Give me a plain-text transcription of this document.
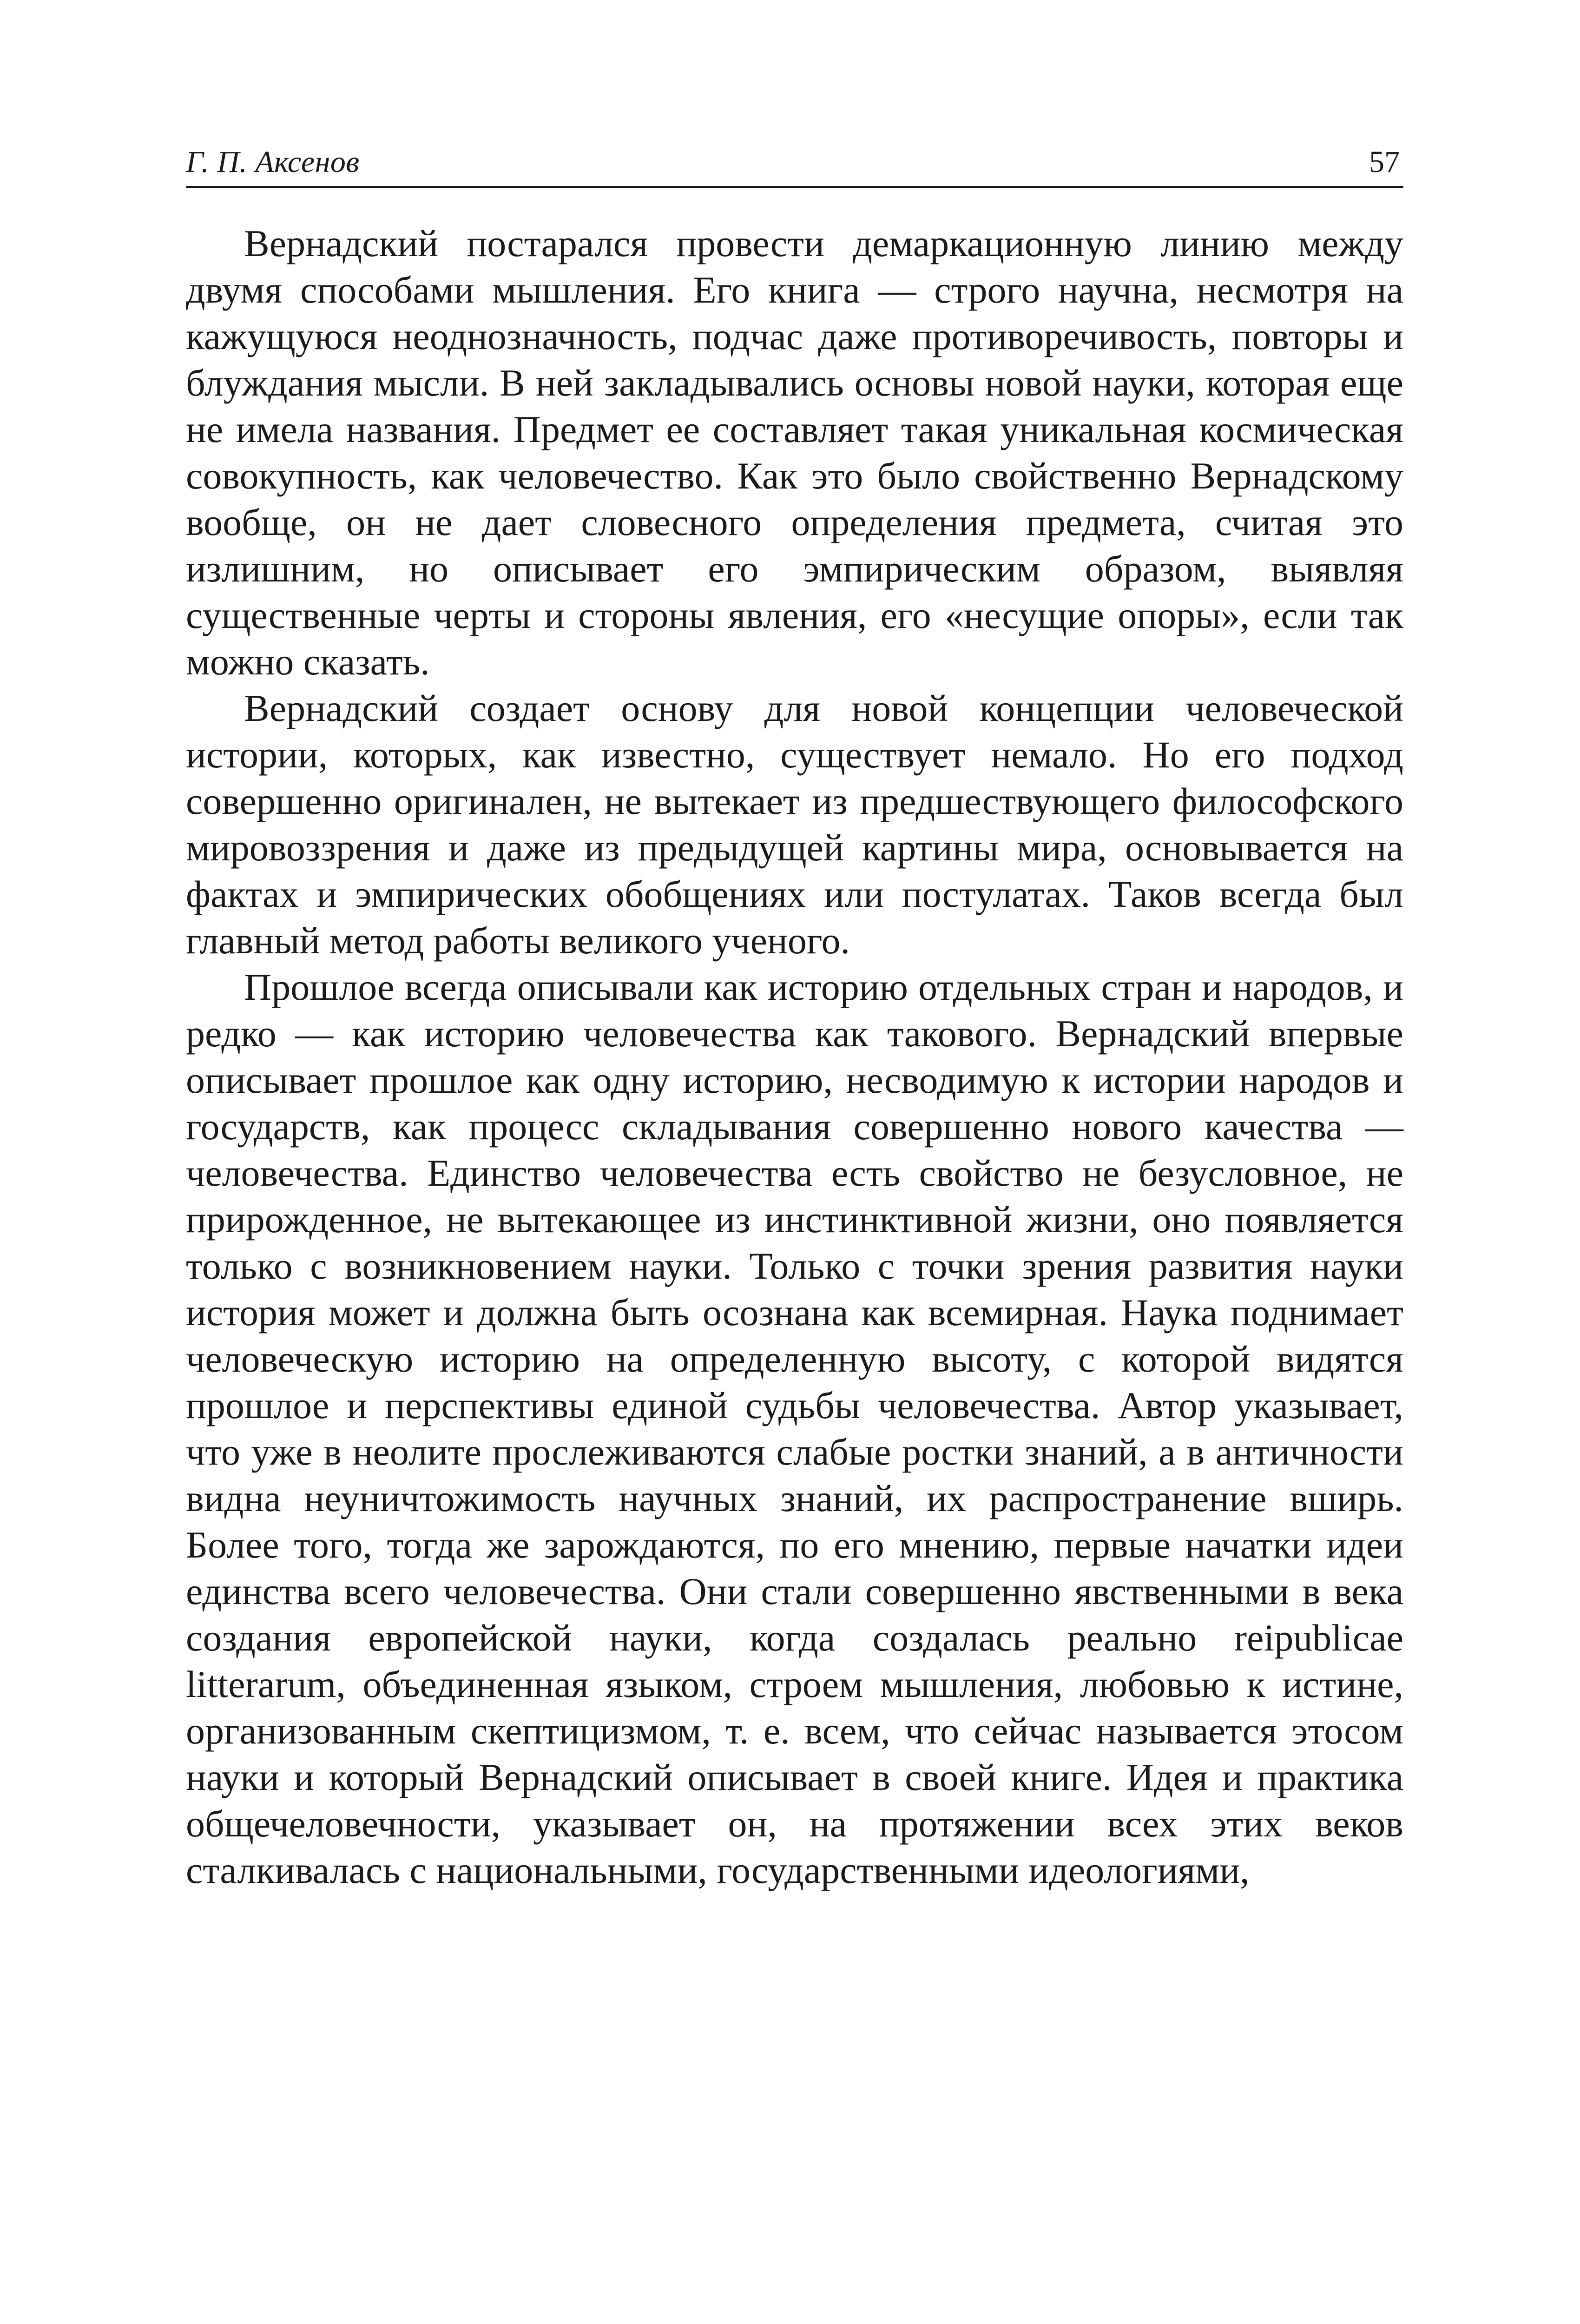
Г. П. Аксенов	57

Вернадский постарался провести демаркационную линию между двумя способами мышления. Его книга — строго научна, несмотря на кажущуюся неоднозначность, подчас даже противоречивость, повторы и блуждания мысли. В ней закладывались основы новой науки, которая еще не имела названия. Предмет ее составляет такая уникальная космическая совокупность, как человечество. Как это было свойственно Вернадскому вообще, он не дает словесного определения предмета, считая это излишним, но описывает его эмпирическим образом, выявляя существенные черты и стороны явления, его «несущие опоры», если так можно сказать.

Вернадский создает основу для новой концепции человеческой истории, которых, как известно, существует немало. Но его подход совершенно оригинален, не вытекает из предшествующего философского мировоззрения и даже из предыдущей картины мира, основывается на фактах и эмпирических обобщениях или постулатах. Таков всегда был главный метод работы великого ученого.

Прошлое всегда описывали как историю отдельных стран и народов, и редко — как историю человечества как такового. Вернадский впервые описывает прошлое как одну историю, несводимую к истории народов и государств, как процесс складывания совершенно нового качества — человечества. Единство человечества есть свойство не безусловное, не прирожденное, не вытекающее из инстинктивной жизни, оно появляется только с возникновением науки. Только с точки зрения развития науки история может и должна быть осознана как всемирная. Наука поднимает человеческую историю на определенную высоту, с которой видятся прошлое и перспективы единой судьбы человечества. Автор указывает, что уже в неолите прослеживаются слабые ростки знаний, а в античности видна неуничтожимость научных знаний, их распространение вширь. Более того, тогда же зарождаются, по его мнению, первые начатки идеи единства всего человечества. Они стали совершенно явственными в века создания европейской науки, когда создалась реально reipublicae litterarum, объединенная языком, строем мышления, любовью к истине, организованным скептицизмом, т. е. всем, что сейчас называется этосом науки и который Вернадский описывает в своей книге. Идея и практика общечеловечности, указывает он, на протяжении всех этих веков сталкивалась с национальными, государственными идеологиями,
